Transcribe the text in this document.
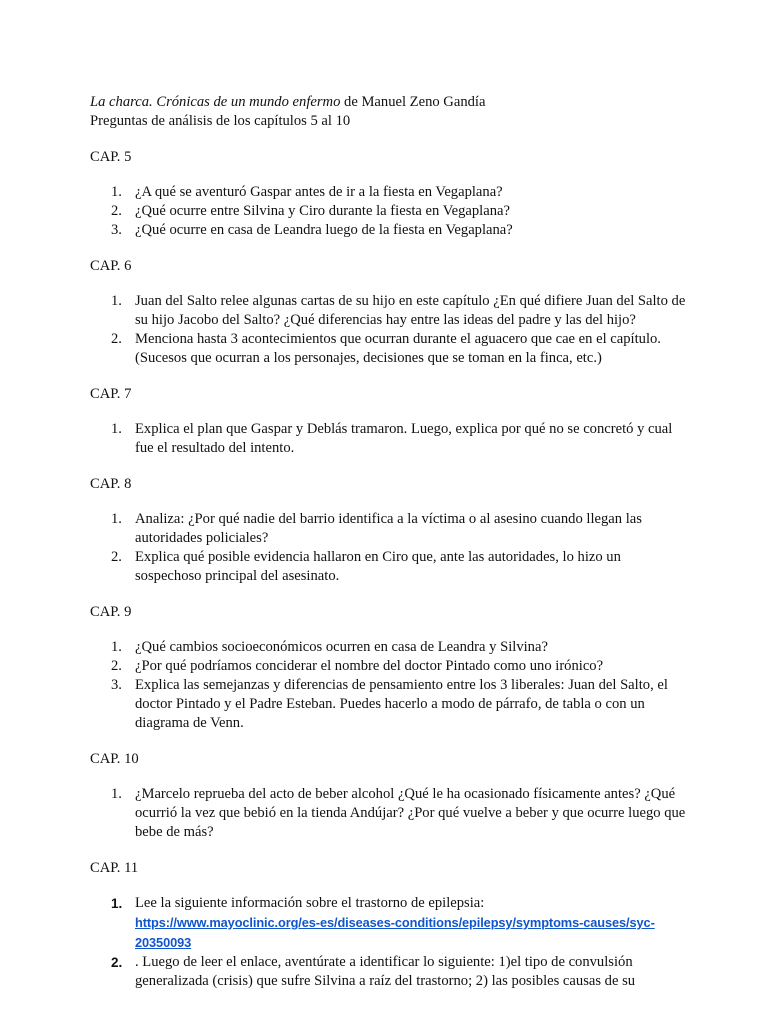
La charca. Crónicas de un mundo enfermo de Manuel Zeno Gandía
Preguntas de análisis de los capítulos 5 al 10
CAP. 5
1. ¿A qué se aventuró Gaspar antes de ir a la fiesta en Vegaplana?
2. ¿Qué ocurre entre Silvina y Ciro durante la fiesta en Vegaplana?
3. ¿Qué ocurre en casa de Leandra luego de la fiesta en Vegaplana?
CAP. 6
1. Juan del Salto relee algunas cartas de su hijo en este capítulo ¿En qué difiere Juan del Salto de su hijo Jacobo del Salto? ¿Qué diferencias hay entre las ideas del padre y las del hijo?
2. Menciona hasta 3 acontecimientos que ocurran durante el aguacero que cae en el capítulo. (Sucesos que ocurran a los personajes, decisiones que se toman en la finca, etc.)
CAP. 7
1. Explica el plan que Gaspar y Deblás tramaron. Luego, explica por qué no se concretó y cual fue el resultado del intento.
CAP. 8
1. Analiza: ¿Por qué nadie del barrio identifica a la víctima o al asesino cuando llegan las autoridades policiales?
2. Explica qué posible evidencia hallaron en Ciro que, ante las autoridades, lo hizo un sospechoso principal del asesinato.
CAP. 9
1. ¿Qué cambios socioeconómicos ocurren en casa de Leandra y Silvina?
2. ¿Por qué podríamos conciderar el nombre del doctor Pintado como uno irónico?
3. Explica las semejanzas y diferencias de pensamiento entre los 3 liberales: Juan del Salto, el doctor Pintado y el Padre Esteban. Puedes hacerlo a modo de párrafo, de tabla o con un diagrama de Venn.
CAP. 10
1. ¿Marcelo reprueba del acto de beber alcohol ¿Qué le ha ocasionado físicamente antes? ¿Qué ocurrió la vez que bebió en la tienda Andújar? ¿Por qué vuelve a beber y que ocurre luego que bebe de más?
CAP. 11
1. Lee la siguiente información sobre el trastorno de epilepsia:
https://www.mayoclinic.org/es-es/diseases-conditions/epilepsy/symptoms-causes/syc-
20350093
2. . Luego de leer el enlace, aventúrate a identificar lo siguiente: 1)el tipo de convulsión generalizada (crisis) que sufre Silvina a raíz del trastorno; 2) las posibles causas de su
